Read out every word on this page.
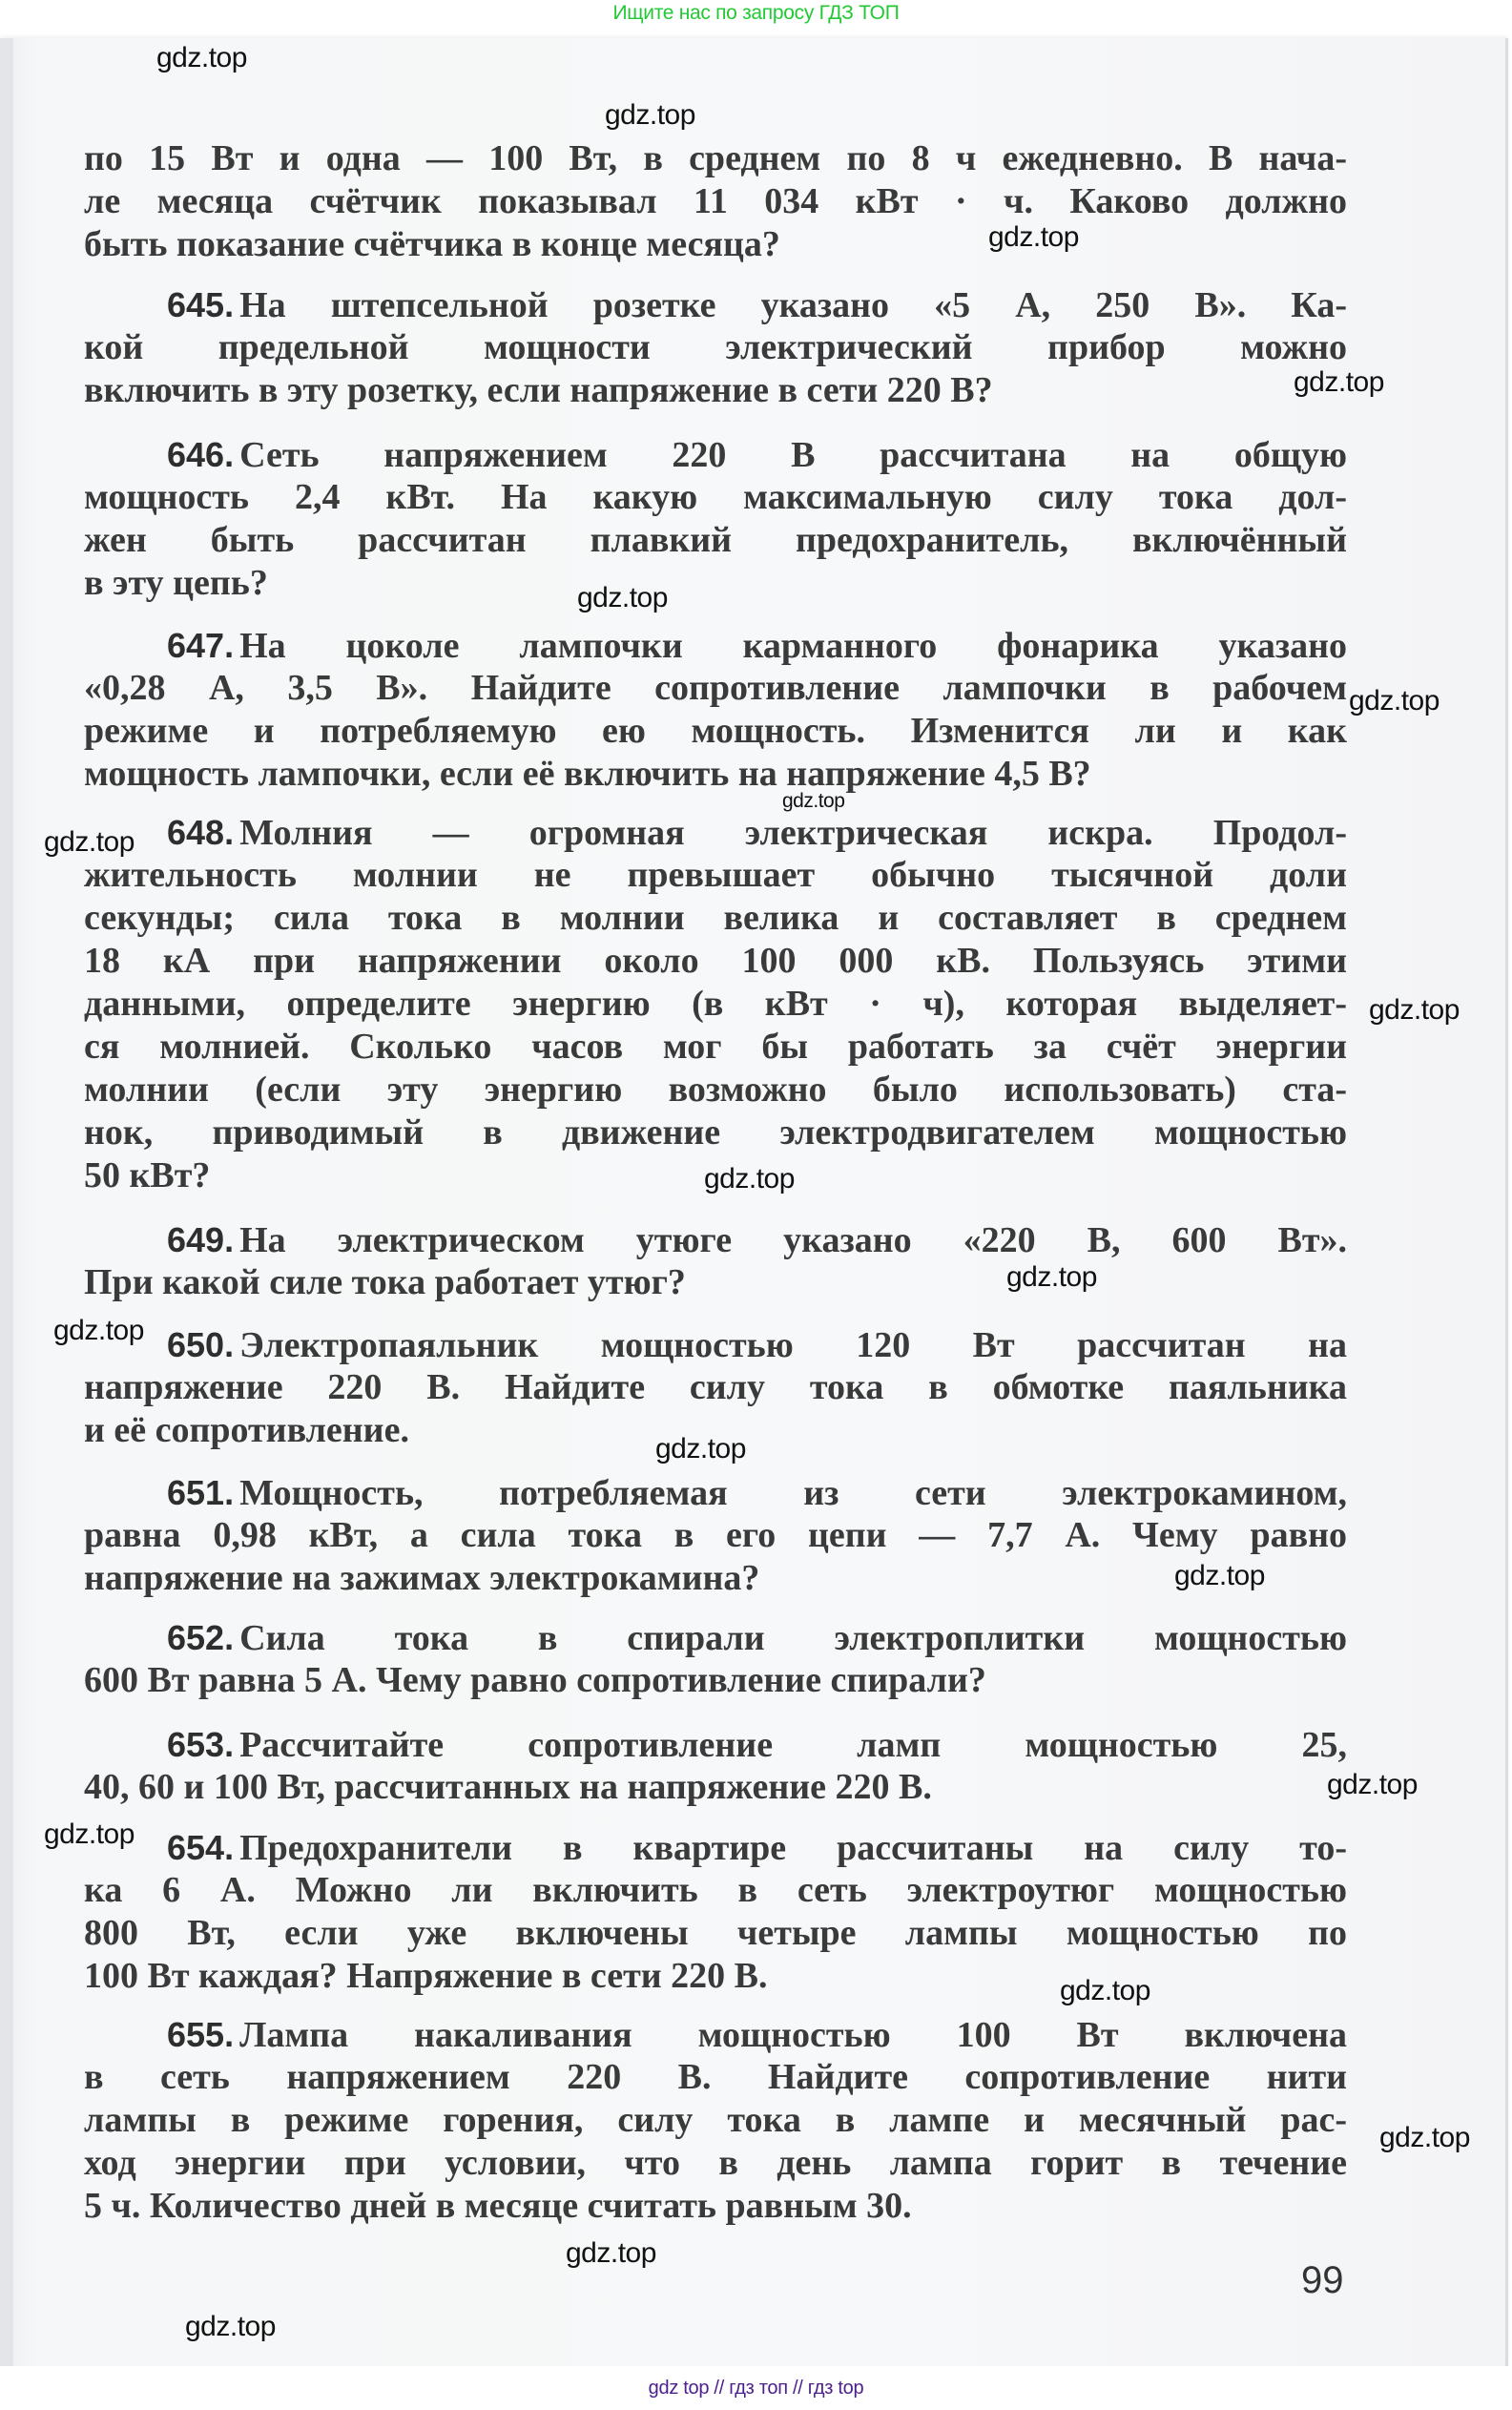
Ищите нас по запросу ГДЗ ТОП
по 15 Вт и одна — 100 Вт, в среднем по 8 ч ежедневно. В нача-
ле месяца счётчик показывал 11 034 кВт · ч. Каково должно
быть показание счётчика в конце месяца?
645. На штепсельной розетке указано «5 А, 250 В». Ка-
кой предельной мощности электрический прибор можно
включить в эту розетку, если напряжение в сети 220 В?
646. Сеть напряжением 220 В рассчитана на общую
мощность 2,4 кВт. На какую максимальную силу тока дол-
жен быть рассчитан плавкий предохранитель, включённый
в эту цепь?
647. На цоколе лампочки карманного фонарика указано
«0,28 А, 3,5 В». Найдите сопротивление лампочки в рабочем
режиме и потребляемую ею мощность. Изменится ли и как
мощность лампочки, если её включить на напряжение 4,5 В?
648. Молния — огромная электрическая искра. Продол-
жительность молнии не превышает обычно тысячной доли
секунды; сила тока в молнии велика и составляет в среднем
18 кА при напряжении около 100 000 кВ. Пользуясь этими
данными, определите энергию (в кВт · ч), которая выделяет-
ся молнией. Сколько часов мог бы работать за счёт энергии
молнии (если эту энергию возможно было использовать) ста-
нок, приводимый в движение электродвигателем мощностью
50 кВт?
649. На электрическом утюге указано «220 В, 600 Вт».
При какой силе тока работает утюг?
650. Электропаяльник мощностью 120 Вт рассчитан на
напряжение 220 В. Найдите силу тока в обмотке паяльника
и её сопротивление.
651. Мощность, потребляемая из сети электрокамином,
равна 0,98 кВт, а сила тока в его цепи — 7,7 А. Чему равно
напряжение на зажимах электрокамина?
652. Сила тока в спирали электроплитки мощностью
600 Вт равна 5 А. Чему равно сопротивление спирали?
653. Рассчитайте сопротивление ламп мощностью 25,
40, 60 и 100 Вт, рассчитанных на напряжение 220 В.
654. Предохранители в квартире рассчитаны на силу то-
ка 6 А. Можно ли включить в сеть электроутюг мощностью
800 Вт, если уже включены четыре лампы мощностью по
100 Вт каждая? Напряжение в сети 220 В.
655. Лампа накаливания мощностью 100 Вт включена
в сеть напряжением 220 В. Найдите сопротивление нити
лампы в режиме горения, силу тока в лампе и месячный рас-
ход энергии при условии, что в день лампа горит в течение
5 ч. Количество дней в месяце считать равным 30.
99
gdz.top
gdz.top
gdz.top
gdz.top
gdz.top
gdz.top
gdz.top
gdz.top
gdz.top
gdz.top
gdz.top
gdz.top
gdz.top
gdz.top
gdz.top
gdz.top
gdz.top
gdz.top
gdz.top
gdz.top
gdz top // гдз топ // гдз top
